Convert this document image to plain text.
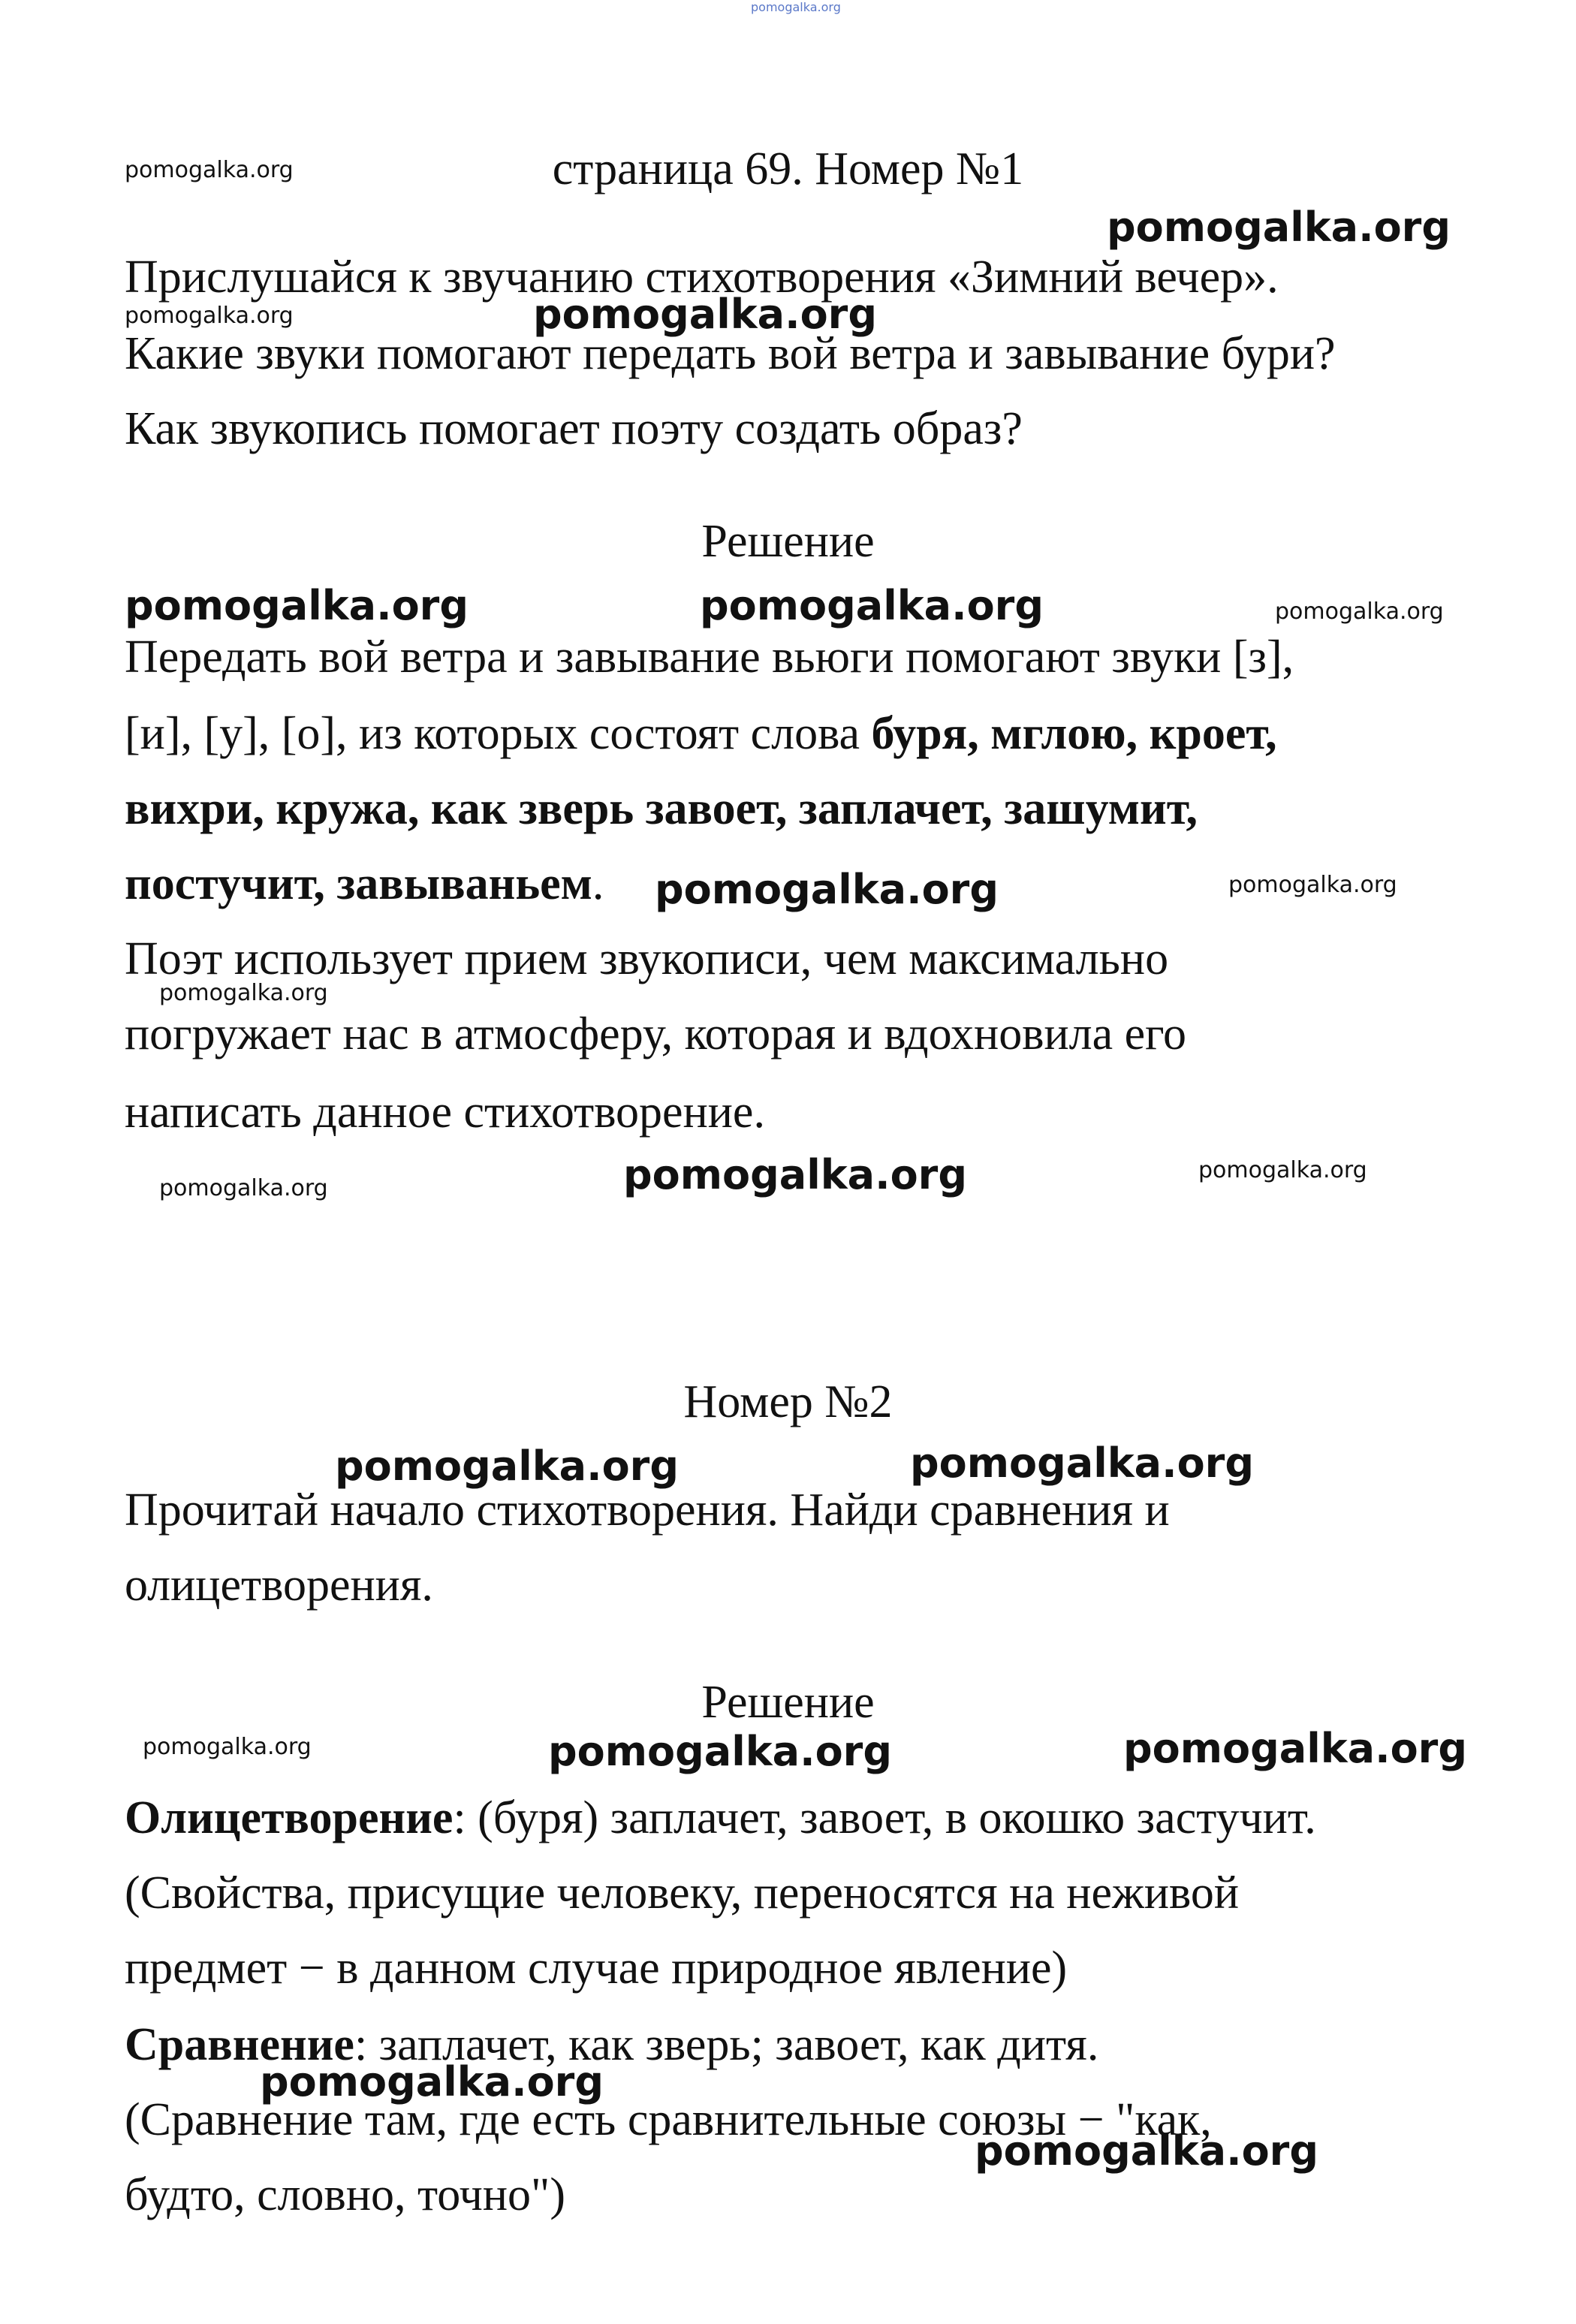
pomogalka.org
страница 69. Номер №1
Прислушайся к звучанию стихотворения «Зимний вечер».
Какие звуки помогают передать вой ветра и завывание бури?
Как звукопись помогает поэту создать образ?
Решение
Передать вой ветра и завывание вьюги помогают звуки [з],
[и], [у], [о], из которых состоят слова буря, мглою, кроет,
вихри, кружа, как зверь завоет, заплачет, зашумит,
постучит, завываньем.
Поэт использует прием звукописи, чем максимально
погружает нас в атмосферу, которая и вдохновила его
написать данное стихотворение.
Номер №2
Прочитай начало стихотворения. Найди сравнения и
олицетворения.
Решение
Олицетворение: (буря) заплачет, завоет, в окошко застучит.
(Свойства, присущие человеку, переносятся на неживой
предмет − в данном случае природное явление)
Сравнение: заплачет, как зверь; завоет, как дитя.
(Сравнение там, где есть сравнительные союзы − "как,
будто, словно, точно")
pomogalka.org
pomogalka.org
pomogalka.org	pomogalka.org
pomogalka.org	pomogalka.org	pomogalka.org
pomogalka.org	pomogalka.org
pomogalka.org
pomogalka.org	pomogalka.org	pomogalka.org
pomogalka.org	pomogalka.org
pomogalka.org	pomogalka.org	pomogalka.org
pomogalka.org
pomogalka.org
